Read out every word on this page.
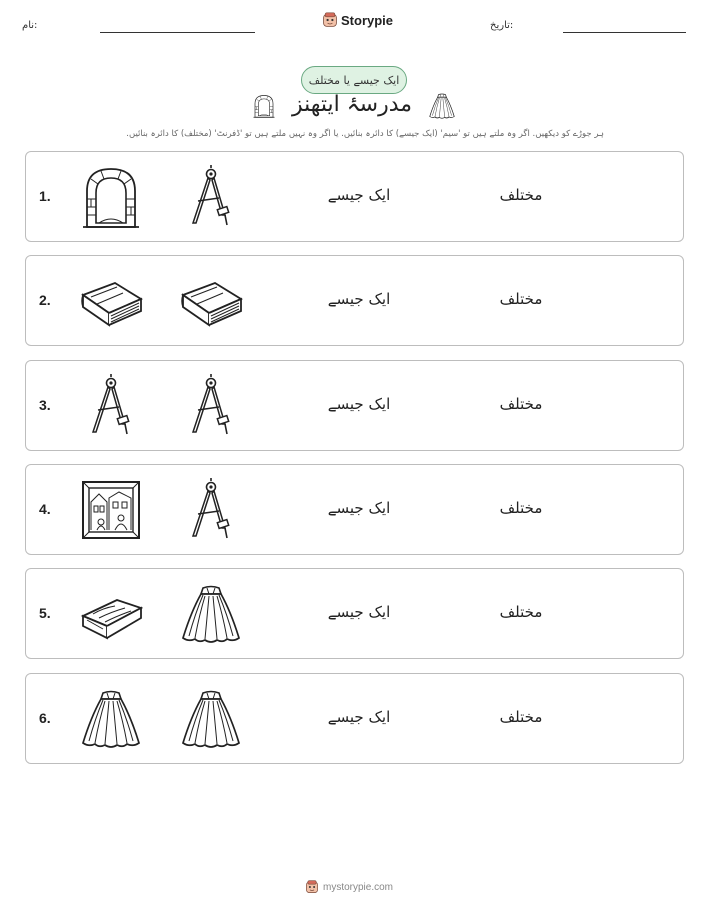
نام:	Storypie	تاریخ:
ایک جیسے یا مختلف
مدرسۂ ایتھنز
ہر جوڑے کو دیکھیں. اگر وہ ملتے ہیں تو 'سیم' (ایک جیسے) کا دائرہ بنائیں. یا اگر وہ نہیں ملتے ہیں تو 'ڈفرنٹ' (مختلف) کا دائرہ بنائیں.
1.	ایک جیسے	مختلف
2.	ایک جیسے	مختلف
3.	ایک جیسے	مختلف
4.	ایک جیسے	مختلف
5.	ایک جیسے	مختلف
6.	ایک جیسے	مختلف
mystorypie.com
